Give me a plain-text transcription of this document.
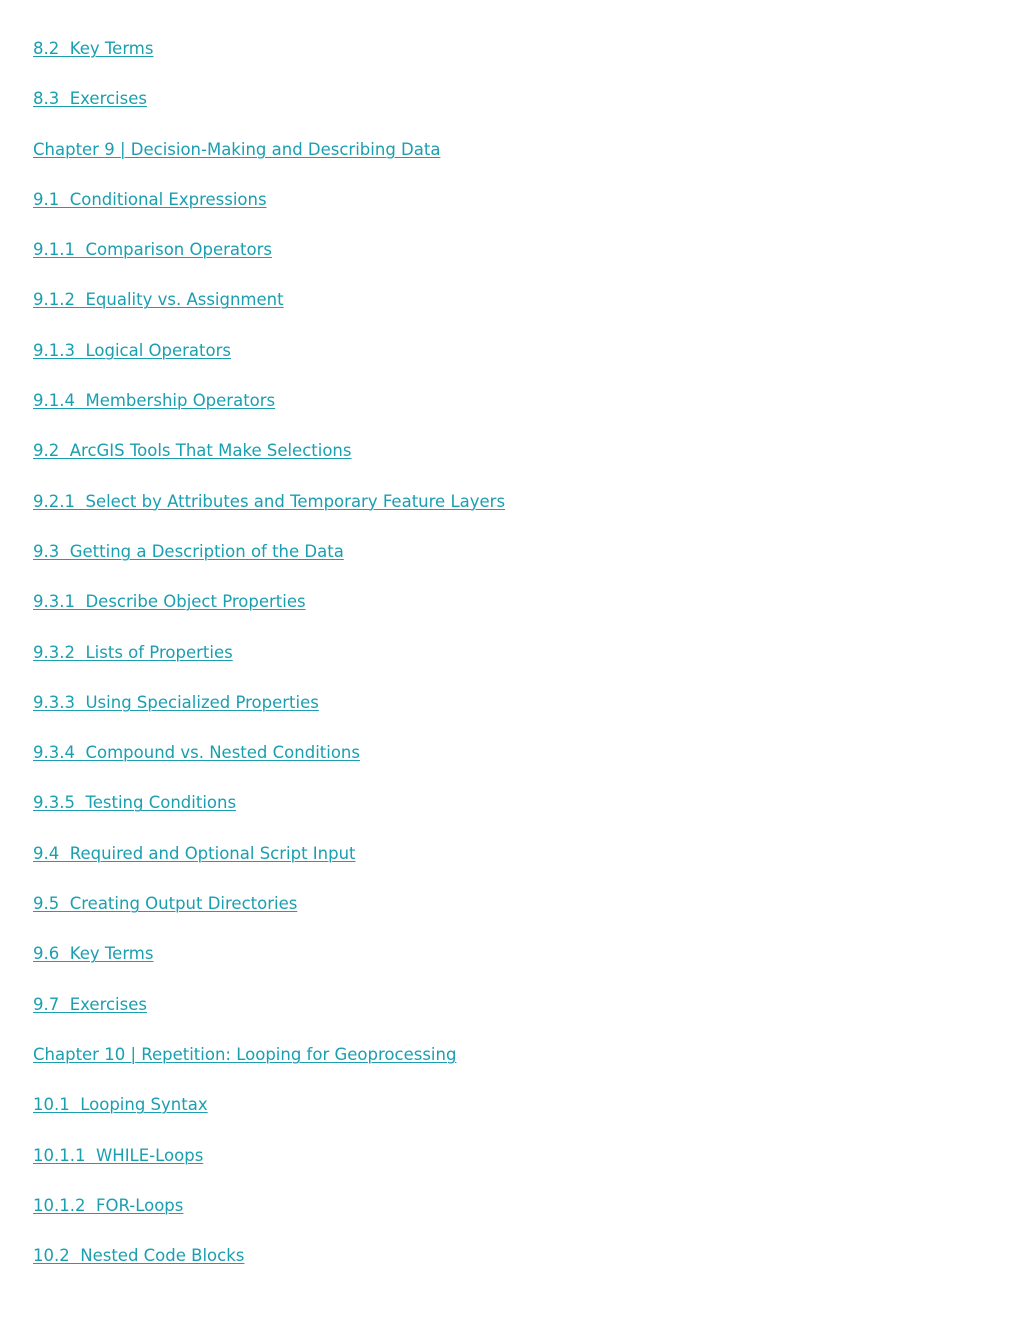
8.2  Key Terms
8.3  Exercises
Chapter 9 | Decision-Making and Describing Data
9.1  Conditional Expressions
9.1.1  Comparison Operators
9.1.2  Equality vs. Assignment
9.1.3  Logical Operators
9.1.4  Membership Operators
9.2  ArcGIS Tools That Make Selections
9.2.1  Select by Attributes and Temporary Feature Layers
9.3  Getting a Description of the Data
9.3.1  Describe Object Properties
9.3.2  Lists of Properties
9.3.3  Using Specialized Properties
9.3.4  Compound vs. Nested Conditions
9.3.5  Testing Conditions
9.4  Required and Optional Script Input
9.5  Creating Output Directories
9.6  Key Terms
9.7  Exercises
Chapter 10 | Repetition: Looping for Geoprocessing
10.1  Looping Syntax
10.1.1  WHILE-Loops
10.1.2  FOR-Loops
10.2  Nested Code Blocks
